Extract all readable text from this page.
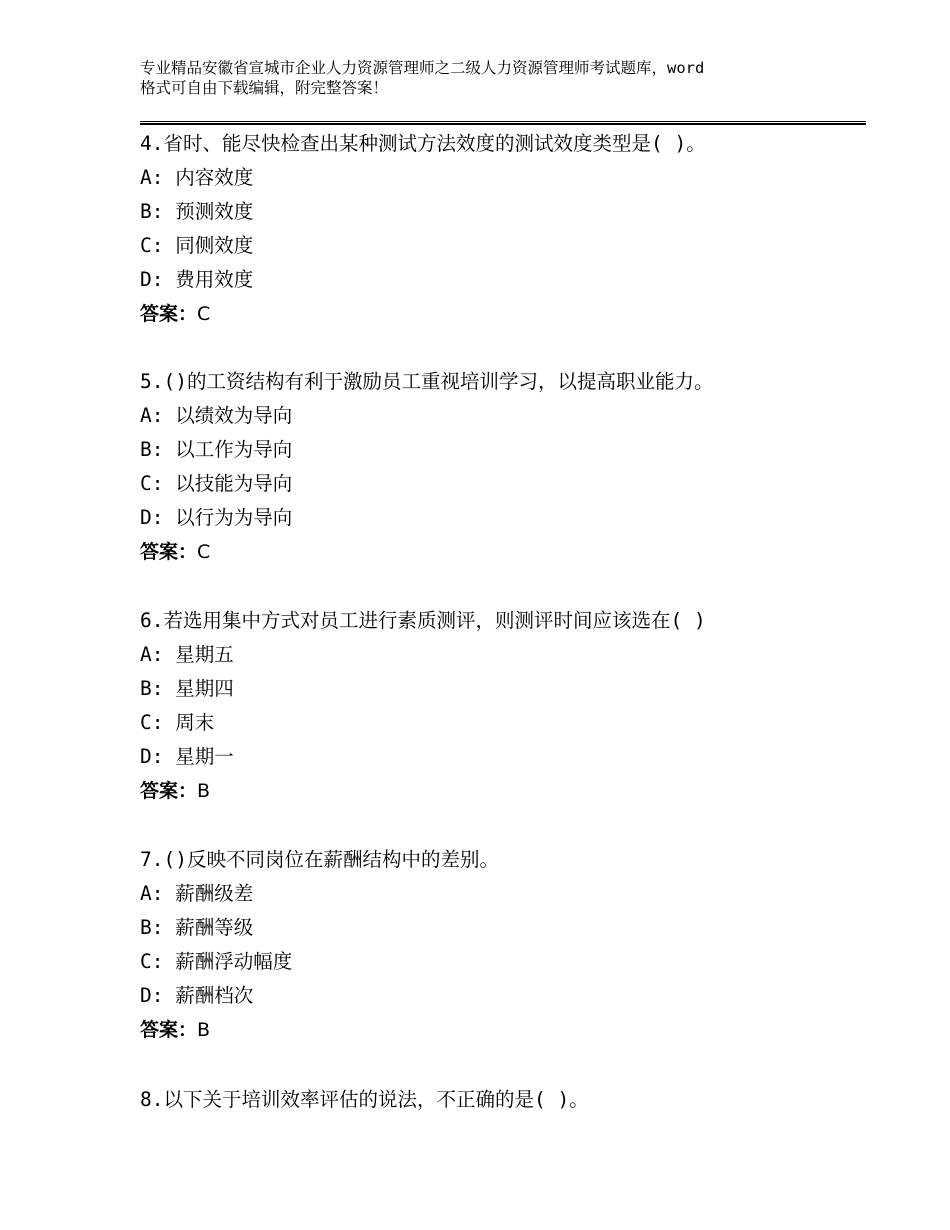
专业精品安徽省宣城市企业人力资源管理师之二级人力资源管理师考试题库，word
格式可自由下载编辑，附完整答案！
4.省时、能尽快检查出某种测试方法效度的测试效度类型是( )。
A: 内容效度
B: 预测效度
C: 同侧效度
D: 费用效度
答案：C
5.()的工资结构有利于激励员工重视培训学习，以提高职业能力。
A: 以绩效为导向
B: 以工作为导向
C: 以技能为导向
D: 以行为为导向
答案：C
6.若选用集中方式对员工进行素质测评，则测评时间应该选在( )
A: 星期五
B: 星期四
C: 周末
D: 星期一
答案：B
7.()反映不同岗位在薪酬结构中的差别。
A: 薪酬级差
B: 薪酬等级
C: 薪酬浮动幅度
D: 薪酬档次
答案：B
8.以下关于培训效率评估的说法，不正确的是( )。
